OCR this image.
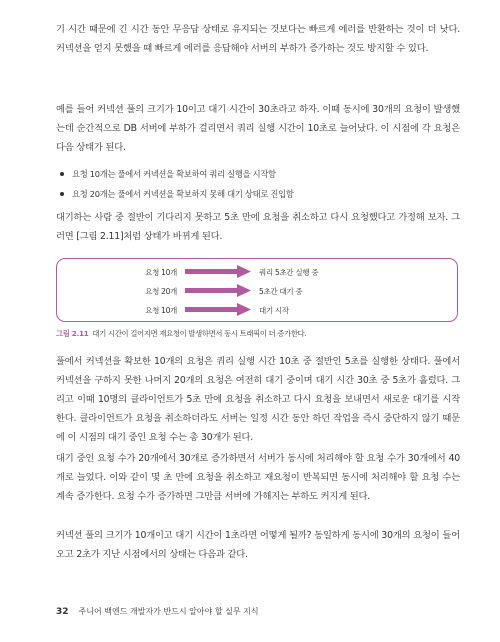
기 시간 때문에 긴 시간 동안 무응답 상태로 유지되는 것보다는 빠르게 에러를 반환하는 것이 더 낫다. 커넥션을 얻지 못했을 때 빠르게 에러를 응답해야 서버의 부하가 증가하는 것도 방지할 수 있다.

예를 들어 커넥션 풀의 크기가 10이고 대기 시간이 30초라고 하자. 이때 동시에 30개의 요청이 발생했는데 순간적으로 DB 서버에 부하가 걸리면서 쿼리 실행 시간이 10초로 늘어났다. 이 시점에 각 요청은 다음 상태가 된다.

요청 10개는 풀에서 커넥션을 확보하여 쿼리 실행을 시작함
요청 20개는 풀에서 커넥션을 확보하지 못해 대기 상태로 진입함

대기하는 사람 중 절반이 기다리지 못하고 5초 만에 요청을 취소하고 다시 요청했다고 가정해 보자. 그러면 [그림 2.11]처럼 상태가 바뀌게 된다.

요청 10개
요청 20개
요청 10개
쿼리 5초간 실행 중
5초간 대기 중
대기 시작
그림 2.11 대기 시간이 길어지면 재요청이 발생하면서 동시 트래픽이 더 증가한다.

풀에서 커넥션을 확보한 10개의 요청은 쿼리 실행 시간 10초 중 절반인 5초를 실행한 상태다. 풀에서 커넥션을 구하지 못한 나머지 20개의 요청은 여전히 대기 중이며 대기 시간 30초 중 5초가 흘렀다. 그리고 이때 10명의 클라이언트가 5초 만에 요청을 취소하고 다시 요청을 보내면서 새로운 대기를 시작한다. 클라이언트가 요청을 취소하더라도 서버는 일정 시간 동안 하던 작업을 즉시 중단하지 않기 때문에 이 시점의 대기 중인 요청 수는 총 30개가 된다.

대기 중인 요청 수가 20개에서 30개로 증가하면서 서버가 동시에 처리해야 할 요청 수가 30개에서 40개로 늘었다. 이와 같이 몇 초 만에 요청을 취소하고 재요청이 반복되면 동시에 처리해야 할 요청 수는 계속 증가한다. 요청 수가 증가하면 그만큼 서버에 가해지는 부하도 커지게 된다.

커넥션 풀의 크기가 10개이고 대기 시간이 1초라면 어떻게 될까? 동일하게 동시에 30개의 요청이 들어오고 2초가 지난 시점에서의 상태는 다음과 같다.

32 주니어 백엔드 개발자가 반드시 알아야 할 실무 지식
